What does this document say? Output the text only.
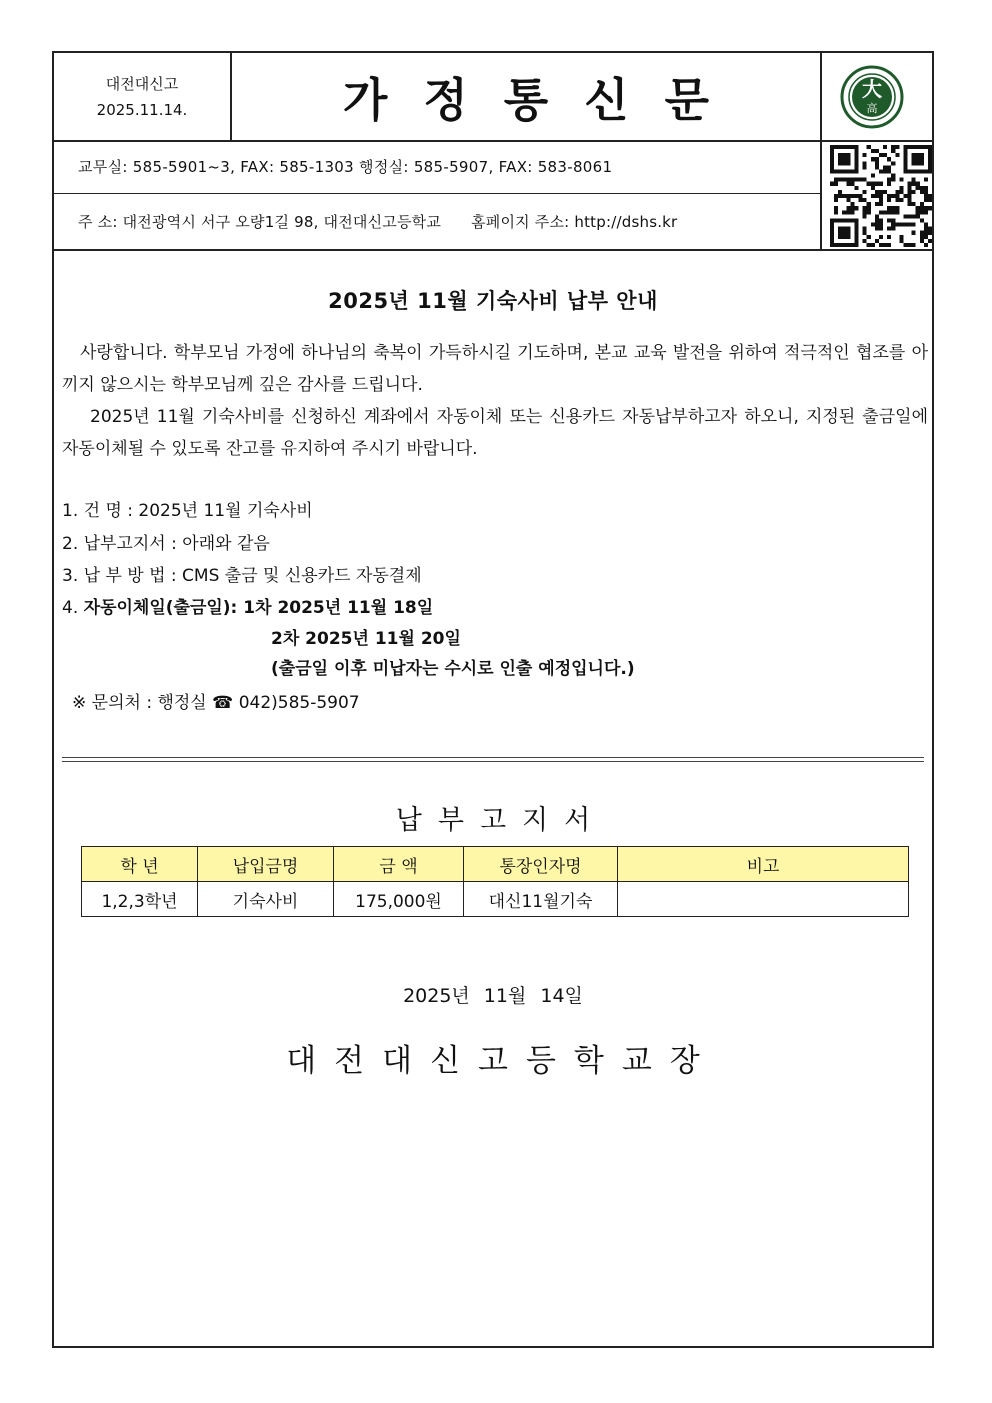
대전대신고
2025.11.14.	가정통신문	大
高
교무실: 585-5901~3, FAX: 585-1303 행정실: 585-5907, FAX: 583-8061
주 소: 대전광역시 서구 오량1길 98, 대전대신고등학교 홈페이지 주소: http://dshs.kr
2025년 11월 기숙사비 납부 안내
사랑합니다. 학부모님 가정에 하나님의 축복이 가득하시길 기도하며, 본교 교육 발전을 위하여 적극적인 협조를 아끼지 않으시는 학부모님께 깊은 감사를 드립니다.
2025년 11월 기숙사비를 신청하신 계좌에서 자동이체 또는 신용카드 자동납부하고자 하오니, 지정된 출금일에 자동이체될 수 있도록 잔고를 유지하여 주시기 바랍니다.
1. 건 명 : 2025년 11월 기숙사비
2. 납부고지서 : 아래와 같음
3. 납 부 방 법 : CMS 출금 및 신용카드 자동결제
4. 자동이체일(출금일): 1차 2025년 11월 18일
2차 2025년 11월 20일
(출금일 이후 미납자는 수시로 인출 예정입니다.)
※ 문의처 : 행정실 ☎ 042)585-5907
납부고지서
학 년	납입금명	금 액	통장인자명	비고
1,2,3학년	기숙사비	175,000원	대신11월기숙	
2025년 11월 14일
대전대신고등학교장
